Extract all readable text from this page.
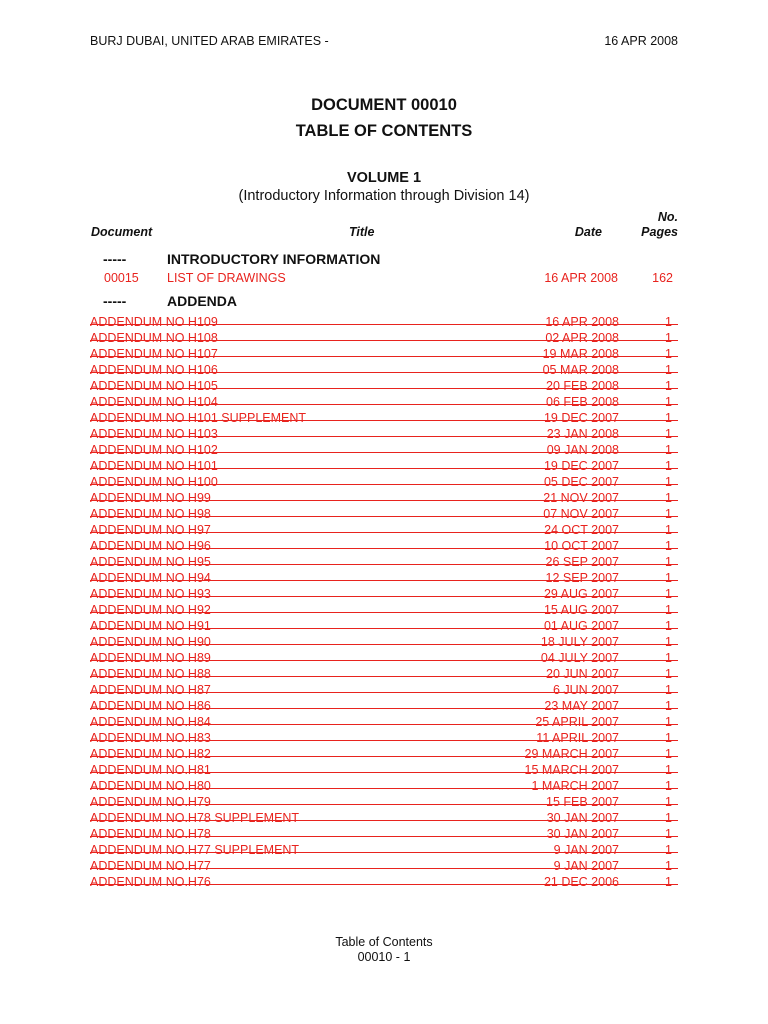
BURJ DUBAI, UNITED ARAB EMIRATES -	16 APR 2008
DOCUMENT 00010
TABLE OF CONTENTS
VOLUME 1
(Introductory Information through Division 14)
Document	Title	Date
No.
Pages
-----	INTRODUCTORY INFORMATION
00015 LIST OF DRAWINGS	16 APR 2008	162
-----	ADDENDA
ADDENDUM NO H109	16 APR 2008	1
ADDENDUM NO H108	02 APR 2008	1
ADDENDUM NO H107	19 MAR 2008	1
ADDENDUM NO H106	05 MAR 2008	1
ADDENDUM NO H105	20 FEB 2008	1
ADDENDUM NO H104	06 FEB 2008	1
ADDENDUM NO H101 SUPPLEMENT	19 DEC 2007	1
ADDENDUM NO H103	23 JAN 2008	1
ADDENDUM NO H102	09 JAN 2008	1
ADDENDUM NO H101	19 DEC 2007	1
ADDENDUM NO H100	05 DEC 2007	1
ADDENDUM NO H99	21 NOV 2007	1
ADDENDUM NO H98	07 NOV 2007	1
ADDENDUM NO H97	24 OCT 2007	1
ADDENDUM NO H96	10 OCT 2007	1
ADDENDUM NO H95	26 SEP 2007	1
ADDENDUM NO H94	12 SEP 2007	1
ADDENDUM NO H93	29 AUG 2007	1
ADDENDUM NO H92	15 AUG 2007	1
ADDENDUM NO H91	01 AUG 2007	1
ADDENDUM NO H90	18 JULY 2007	1
ADDENDUM NO H89	04 JULY 2007	1
ADDENDUM NO H88	20 JUN 2007	1
ADDENDUM NO H87	6 JUN 2007	1
ADDENDUM NO H86	23 MAY 2007	1
ADDENDUM NO.H84	25 APRIL 2007	1
ADDENDUM NO.H83	11 APRIL 2007	1
ADDENDUM NO.H82	29 MARCH 2007	1
ADDENDUM NO.H81	15 MARCH 2007	1
ADDENDUM NO.H80	1 MARCH 2007	1
ADDENDUM NO.H79	15 FEB 2007	1
ADDENDUM NO.H78 SUPPLEMENT	30 JAN 2007	1
ADDENDUM NO.H78	30 JAN 2007	1
ADDENDUM NO.H77 SUPPLEMENT	9 JAN 2007	1
ADDENDUM NO.H77	9 JAN 2007	1
ADDENDUM NO.H76	21 DEC 2006	1
Table of Contents
00010 - 1
